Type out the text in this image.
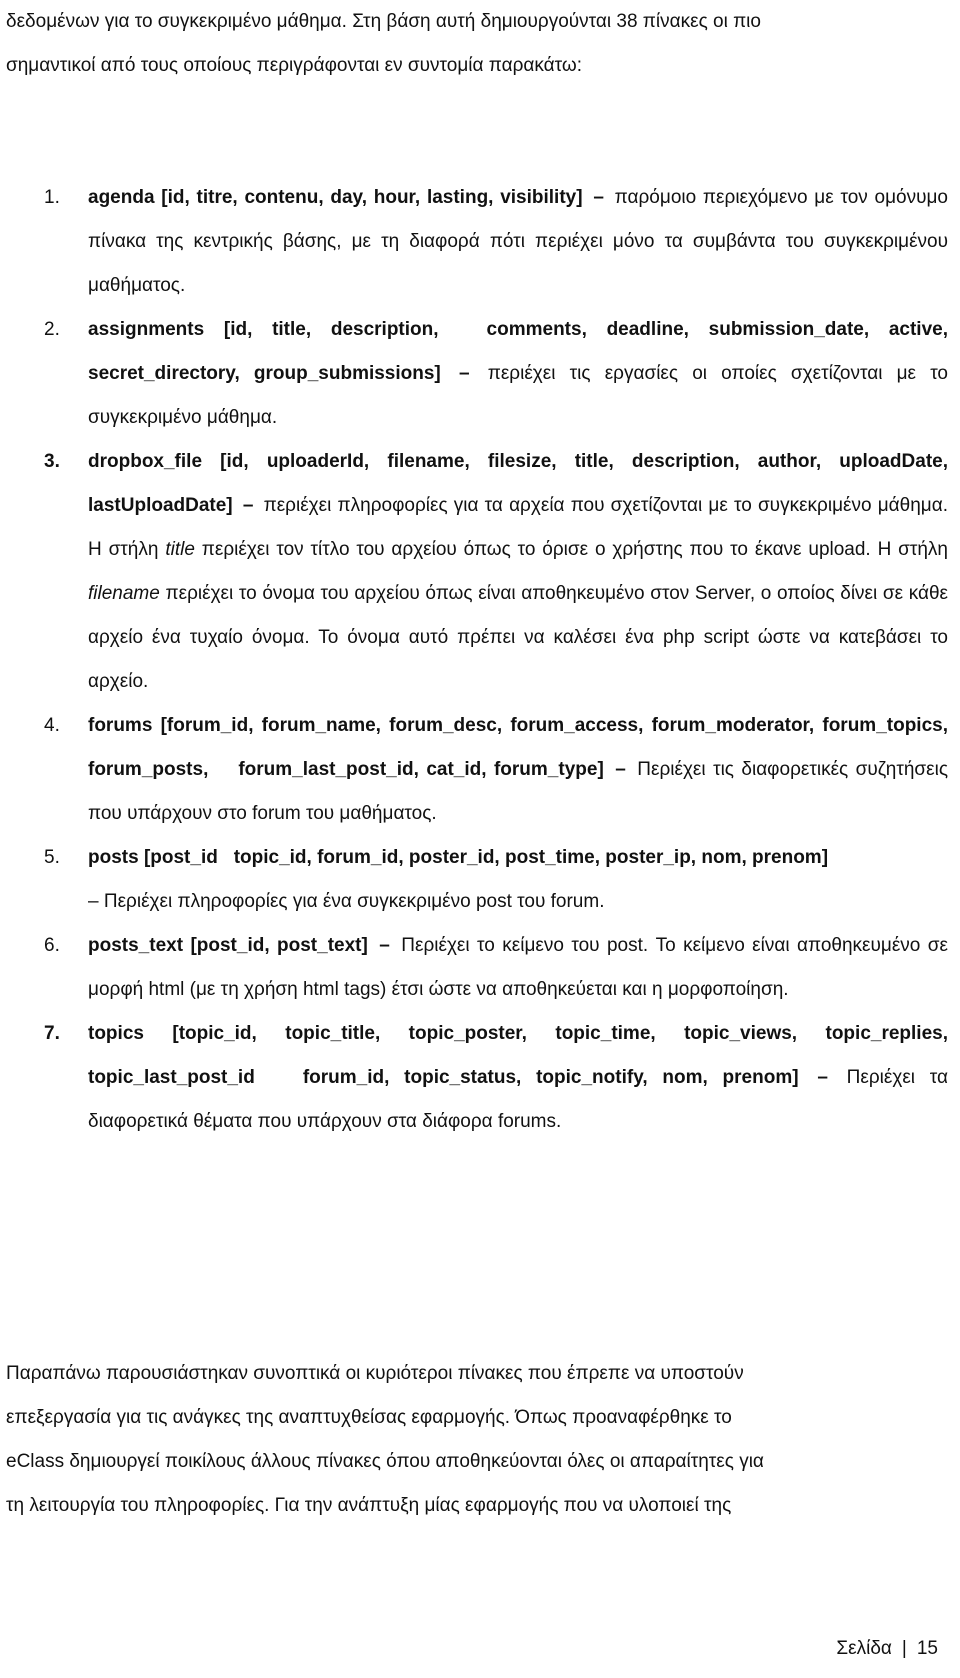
δεδομένων για το συγκεκριμένο μάθημα. Στη βάση αυτή δημιουργούνται 38 πίνακες οι πιο
σημαντικοί από τους οποίους περιγράφονται εν συντομία παρακάτω:

1. agenda [id, titre, contenu, day, hour, lasting, visibility] – παρόμοιο περιεχόμενο με τον ομόνυμο πίνακα της κεντρικής βάσης, με τη διαφορά πότι περιέχει μόνο τα συμβάντα του συγκεκριμένου μαθήματος.
2. assignments [id, title, description,	comments, deadline, submission_date, active, secret_directory, group_submissions] – περιέχει τις εργασίες οι οποίες σχετίζονται με το συγκεκριμένο μάθημα.
3. dropbox_file [id, uploaderId, filename, filesize, title, description, author, uploadDate, lastUploadDate] – περιέχει πληροφορίες για τα αρχεία που σχετίζονται με το συγκεκριμένο μάθημα. Η στήλη title περιέχει τον τίτλο του αρχείου όπως το όρισε ο χρήστης που το έκανε upload. Η στήλη filename περιέχει το όνομα του αρχείου όπως είναι αποθηκευμένο στον Server, ο οποίος δίνει σε κάθε αρχείο ένα τυχαίο όνομα. Το όνομα αυτό πρέπει να καλέσει ένα php script ώστε να κατεβάσει το αρχείο.
4. forums [forum_id, forum_name, forum_desc, forum_access, forum_moderator, forum_topics, forum_posts, forum_last_post_id, cat_id, forum_type] – Περιέχει τις διαφορετικές συζητήσεις που υπάρχουν στο forum του μαθήματος.
5. posts [post_id topic_id, forum_id, poster_id, post_time, poster_ip, nom, prenom]
– Περιέχει πληροφορίες για ένα συγκεκριμένο post του forum.
6. posts_text [post_id, post_text] – Περιέχει το κείμενο του post. Το κείμενο είναι αποθηκευμένο σε μορφή html (με τη χρήση html tags) έτσι ώστε να αποθηκεύεται και η μορφοποίηση.
7. topics [topic_id, topic_title, topic_poster, topic_time, topic_views, topic_replies, topic_last_post_id	forum_id, topic_status, topic_notify, nom, prenom] – Περιέχει τα διαφορετικά θέματα που υπάρχουν στα διάφορα forums.

Παραπάνω παρουσιάστηκαν συνοπτικά οι κυριότεροι πίνακες που έπρεπε να υποστούν
επεξεργασία για τις ανάγκες της αναπτυχθείσας εφαρμογής. Όπως προαναφέρθηκε το
eClass δημιουργεί ποικίλους άλλους πίνακες όπου αποθηκεύονται όλες οι απαραίτητες για
τη λειτουργία του πληροφορίες. Για την ανάπτυξη μίας εφαρμογής που να υλοποιεί της

Σελίδα | 15
